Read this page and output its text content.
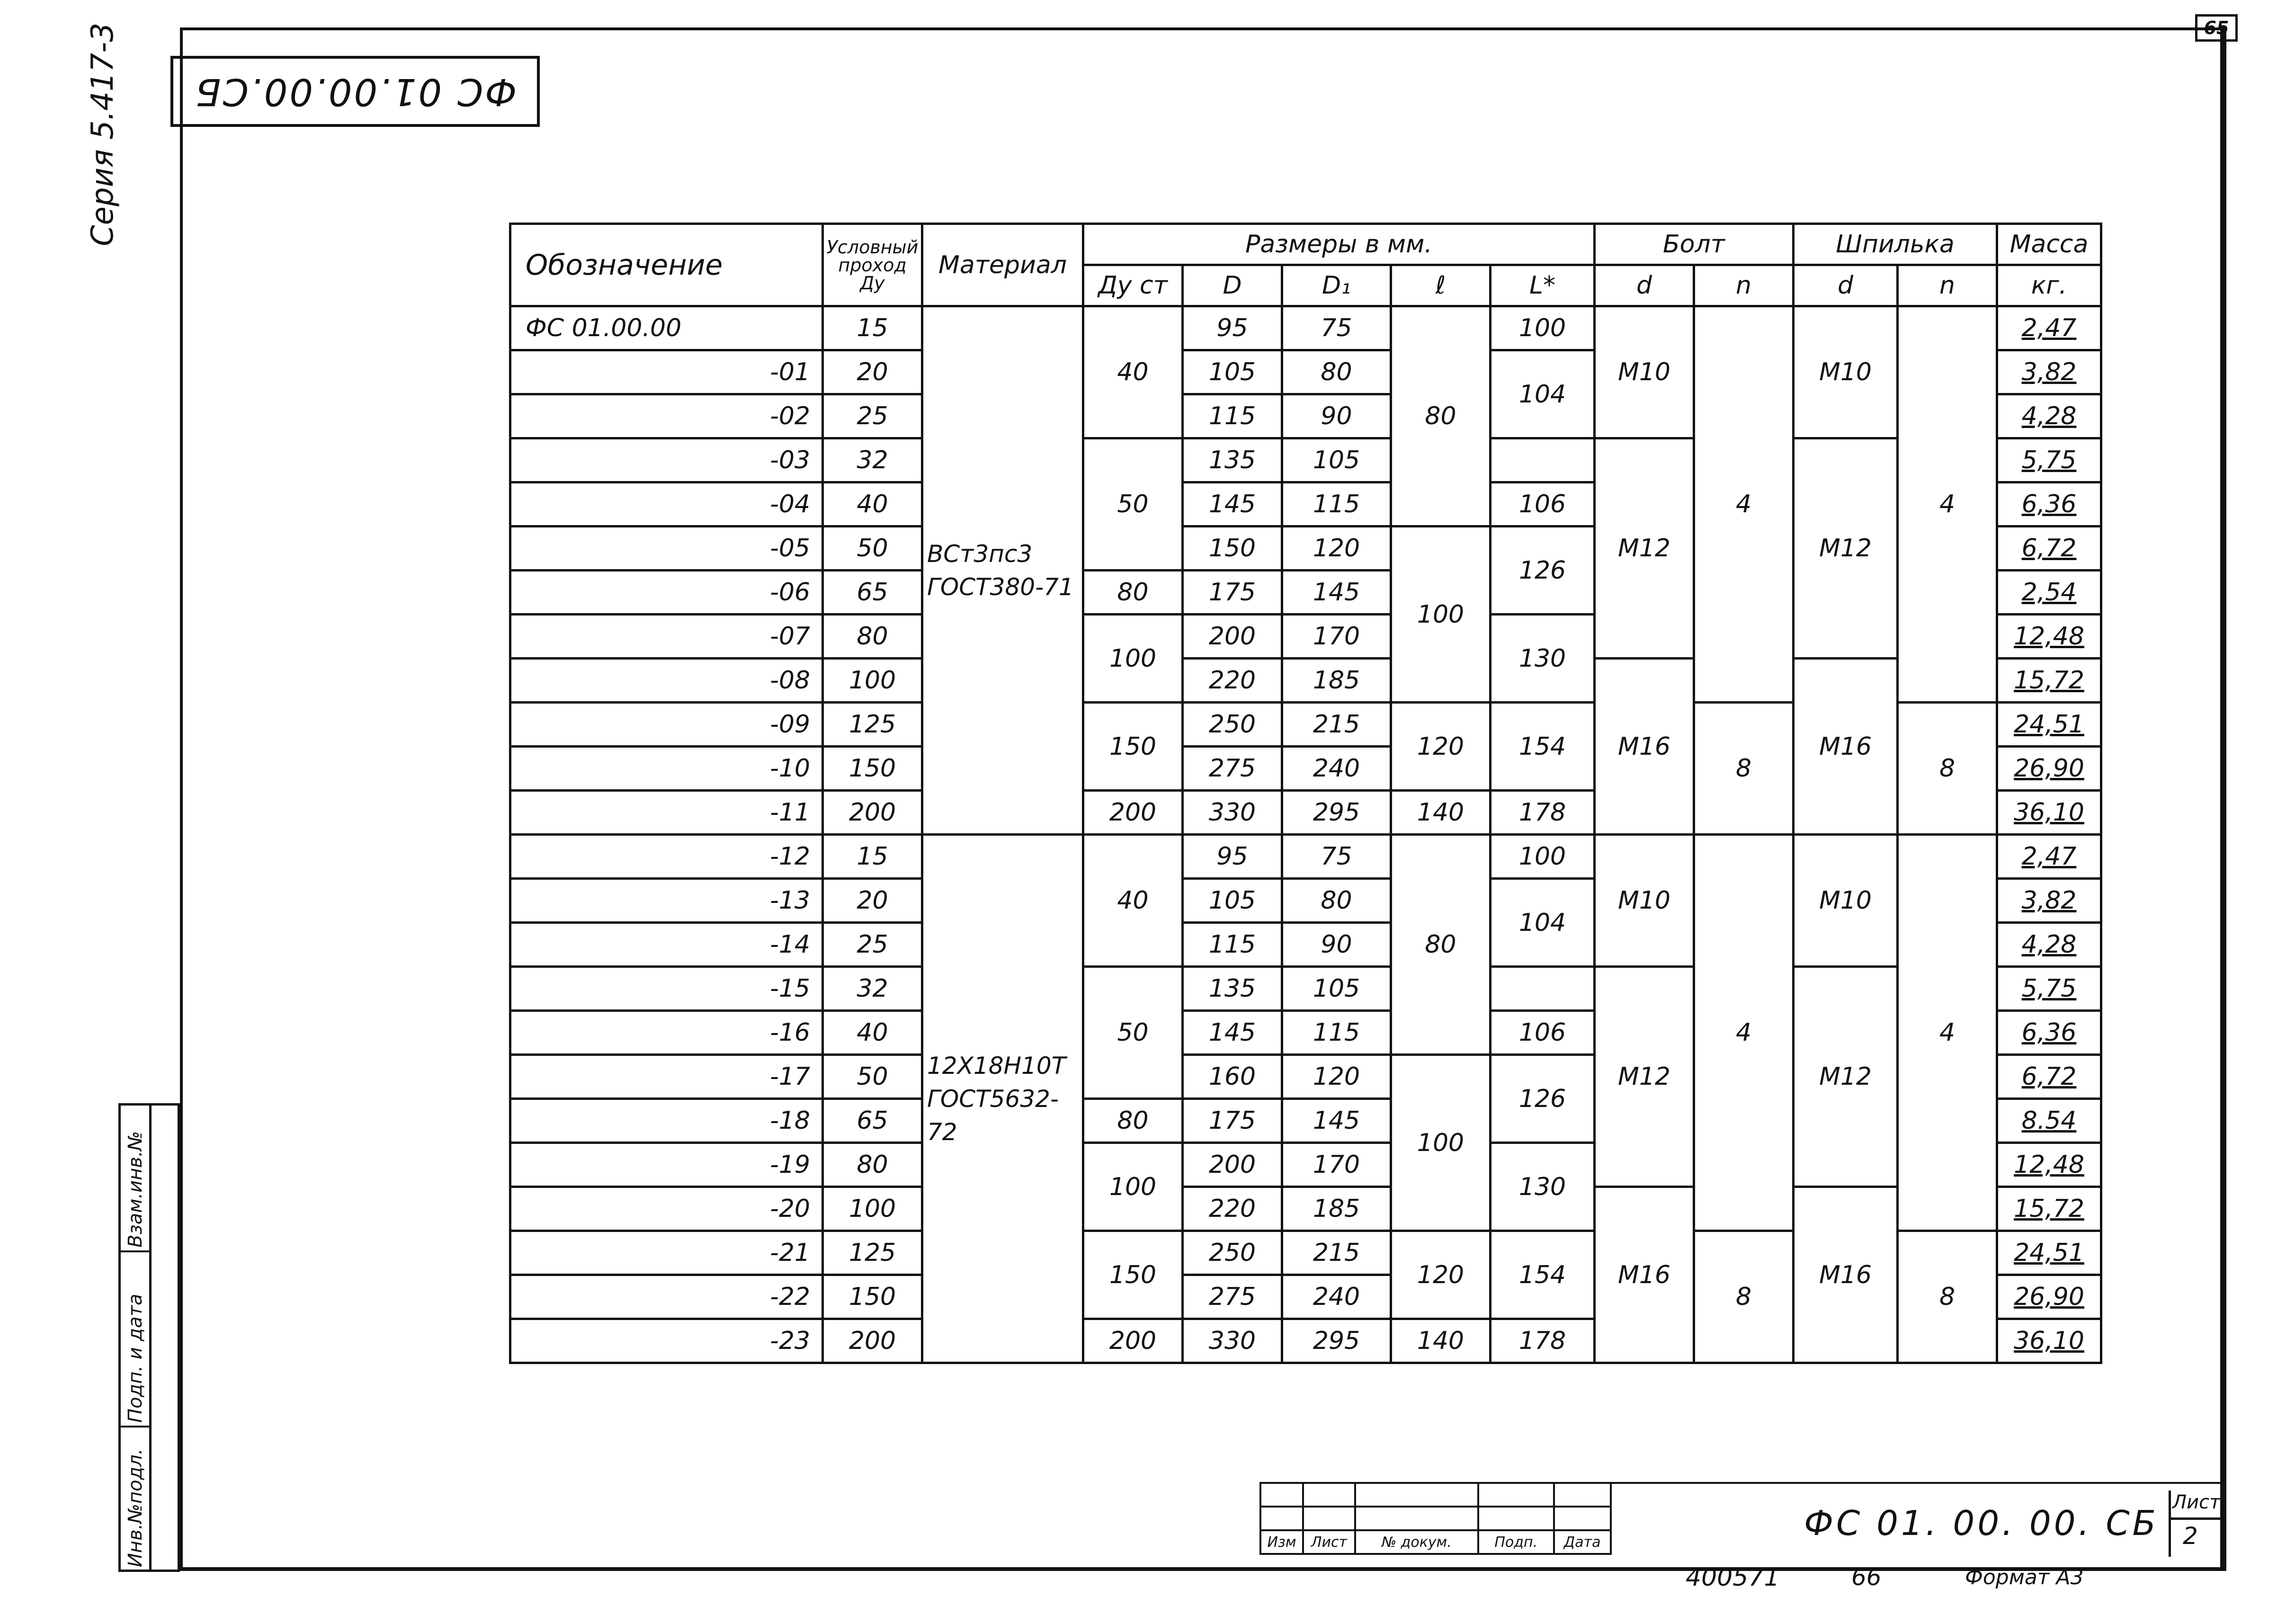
65
Серия 5.417-3 ФС 01.00.00.СБ
Взам.инв.№
Подп. и дата
Инв.№подл.
Обозначение	Условный проход Ду	Материал	Размеры в мм.					Болт		Шпилька		Масса
			Ду ст	D	D₁	ℓ	L*	d	n	d	n	кг.
ФС 01.00.00	15	ВСт3пс3 ГОСТ380-71	40	95	75	80	100	М10	4	М10	4	2,47
-01	20			105	80		104					3,82
-02	25			115	90							4,28
-03	32		50	135	105			М12		М12		5,75
-04	40			145	115		106					6,36
-05	50			150	120	100	126					6,72
-06	65		80	175	145							2,54
-07	80		100	200	170		130					12,48
-08	100			220	185			М16		М16		15,72
-09	125		150	250	215	120	154		8		8	24,51
-10	150			275	240							26,90
-11	200		200	330	295	140	178					36,10
-12	15	12Х18Н10Т ГОСТ5632-72	40	95	75	80	100	М10	4	М10	4	2,47
-13	20			105	80		104					3,82
-14	25			115	90							4,28
-15	32		50	135	105			М12		М12		5,75
-16	40			145	115		106					6,36
-17	50			160	120	100	126					6,72
-18	65		80	175	145							8.54
-19	80		100	200	170		130					12,48
-20	100			220	185			М16		М16		15,72
-21	125		150	250	215	120	154		8		8	24,51
-22	150			275	240							26,90
-23	200		200	330	295	140	178					36,10

Изм	Лист	№ докум.	Подп.	Дата		ФС 01. 00. 00. СБ
Лист
2
400571	66	Формат А3
